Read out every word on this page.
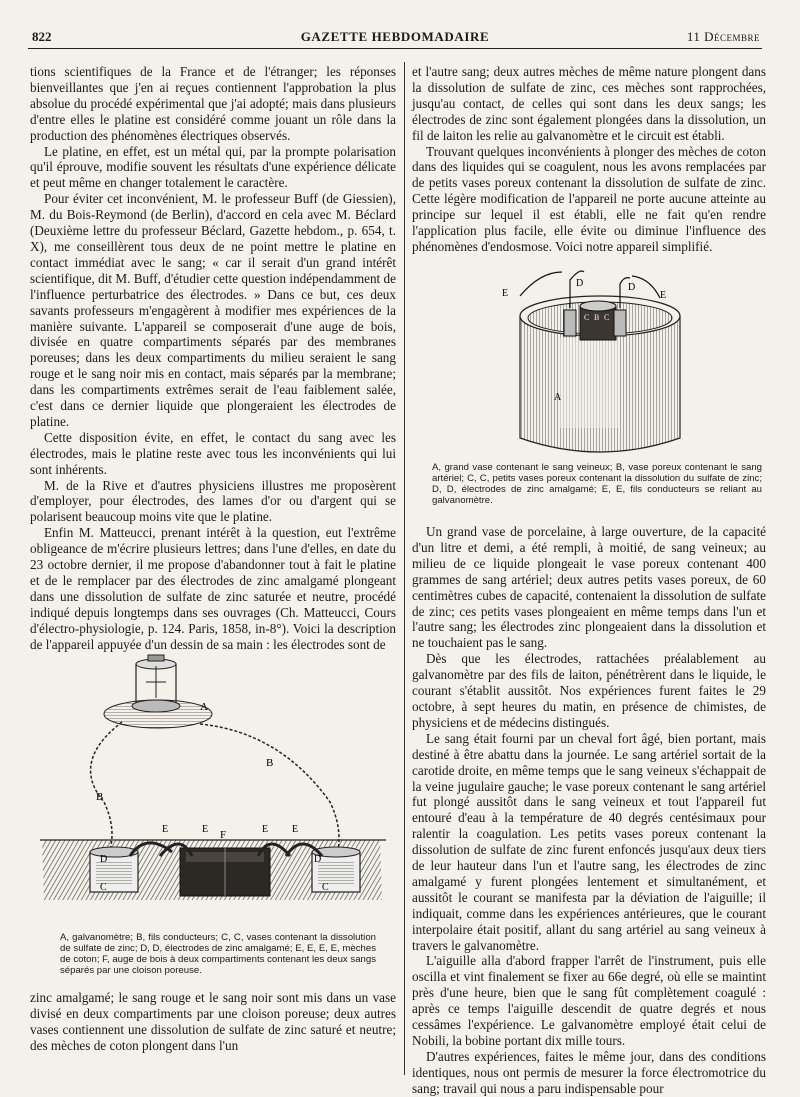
822	GAZETTE HEBDOMADAIRE	11 Décembre

tions scientifiques de la France et de l'étranger; les réponses bienveillantes que j'en ai reçues contiennent l'approbation la plus absolue du procédé expérimental que j'ai adopté; mais dans plusieurs d'entre elles le platine est considéré comme jouant un rôle dans la production des phénomènes électriques observés.

Le platine, en effet, est un métal qui, par la prompte polarisation qu'il éprouve, modifie souvent les résultats d'une expérience délicate et peut même en changer totalement le caractère.

Pour éviter cet inconvénient, M. le professeur Buff (de Giessien), M. du Bois-Reymond (de Berlin), d'accord en cela avec M. Béclard (Deuxième lettre du professeur Béclard, Gazette hebdom., p. 654, t. X), me conseillèrent tous deux de ne point mettre le platine en contact immédiat avec le sang; « car il serait d'un grand intérêt scientifique, dit M. Buff, d'étudier cette question indépendamment de l'influence perturbatrice des électrodes. » Dans ce but, ces deux savants professeurs m'engagèrent à modifier mes expériences de la manière suivante. L'appareil se composerait d'une auge de bois, divisée en quatre compartiments séparés par des membranes poreuses; dans les deux compartiments du milieu seraient le sang rouge et le sang noir mis en contact, mais séparés par la membrane; dans les compartiments extrêmes serait de l'eau faiblement salée, c'est dans ce dernier liquide que plongeraient les électrodes de platine.

Cette disposition évite, en effet, le contact du sang avec les électrodes, mais le platine reste avec tous les inconvénients qui lui sont inhérents.

M. de la Rive et d'autres physiciens illustres me proposèrent d'employer, pour électrodes, des lames d'or ou d'argent qui se polarisent beaucoup moins vite que le platine.

Enfin M. Matteucci, prenant intérêt à la question, eut l'extrême obligeance de m'écrire plusieurs lettres; dans l'une d'elles, en date du 23 octobre dernier, il me propose d'abandonner tout à fait le platine et de le remplacer par des électrodes de zinc amalgamé plongeant dans une dissolution de sulfate de zinc saturée et neutre, procédé indiqué depuis longtemps dans ses ouvrages (Ch. Matteucci, Cours d'électro-physiologie, p. 124. Paris, 1858, in-8°). Voici la description de l'appareil appuyée d'un dessin de sa main : les électrodes sont de

A
B
B
D
C
D
C
F
E	E	E E
A, galvanomètre; B, fils conducteurs; C, C, vases contenant la dissolution de sulfate de zinc; D, D, électrodes de zinc amalgamé; E, E, E, E, mèches de coton; F, auge de bois à deux compartiments contenant les deux sangs séparés par une cloison poreuse.

zinc amalgamé; le sang rouge et le sang noir sont mis dans un vase divisé en deux compartiments par une cloison poreuse; deux autres vases contiennent une dissolution de sulfate de zinc saturé et neutre; des mèches de coton plongent dans l'un

et l'autre sang; deux autres mèches de même nature plongent dans la dissolution de sulfate de zinc, ces mèches sont rapprochées, jusqu'au contact, de celles qui sont dans les deux sangs; les électrodes de zinc sont également plongées dans la dissolution, un fil de laiton les relie au galvanomètre et le circuit est établi.

Trouvant quelques inconvénients à plonger des mèches de coton dans des liquides qui se coagulent, nous les avons remplacées par de petits vases poreux contenant la dissolution de sulfate de zinc. Cette légère modification de l'appareil ne porte aucune atteinte au principe sur lequel il est établi, elle ne fait qu'en rendre l'application plus facile, elle évite ou diminue l'influence des phénomènes d'endosmose. Voici notre appareil simplifié.

E	E
D	D
C B C
A
A, grand vase contenant le sang veineux; B, vase poreux contenant le sang artériel; C, C, petits vases poreux contenant la dissolution du sulfate de zinc; D, D, électrodes de zinc amalgamé; E, E, fils conducteurs se reliant au galvanomètre.

Un grand vase de porcelaine, à large ouverture, de la capacité d'un litre et demi, a été rempli, à moitié, de sang veineux; au milieu de ce liquide plongeait le vase poreux contenant 400 grammes de sang artériel; deux autres petits vases poreux, de 60 centimètres cubes de capacité, contenaient la dissolution de sulfate de zinc; ces petits vases plongeaient en même temps dans l'un et l'autre sang; les électrodes zinc plongeaient dans la dissolution et ne touchaient pas le sang.

Dès que les électrodes, rattachées préalablement au galvanomètre par des fils de laiton, pénétrèrent dans le liquide, le courant s'établit aussitôt. Nos expériences furent faites le 29 octobre, à sept heures du matin, en présence de chimistes, de physiciens et de médecins distingués.

Le sang était fourni par un cheval fort âgé, bien portant, mais destiné à être abattu dans la journée. Le sang artériel sortait de la carotide droite, en même temps que le sang veineux s'échappait de la veine jugulaire gauche; le vase poreux contenant le sang artériel fut plongé aussitôt dans le sang veineux et tout l'appareil fut entouré d'eau à la température de 40 degrés centésimaux pour ralentir la coagulation. Les petits vases poreux contenant la dissolution de sulfate de zinc furent enfoncés jusqu'aux deux tiers de leur hauteur dans l'un et l'autre sang, les électrodes de zinc amalgamé y furent plongées lentement et simultanément, et aussitôt le courant se manifesta par la déviation de l'aiguille; il indiquait, comme dans les expériences antérieures, que le courant interpolaire était positif, allant du sang artériel au sang veineux à travers le galvanomètre.

L'aiguille alla d'abord frapper l'arrêt de l'instrument, puis elle oscilla et vint finalement se fixer au 66e degré, où elle se maintint près d'une heure, bien que le sang fût complètement coagulé : après ce temps l'aiguille descendit de quatre degrés et nous cessâmes l'expérience. Le galvanomètre employé était celui de Nobili, la bobine portant dix mille tours.

D'autres expériences, faites le même jour, dans des conditions identiques, nous ont permis de mesurer la force électromotrice du sang; travail qui nous a paru indispensable pour
